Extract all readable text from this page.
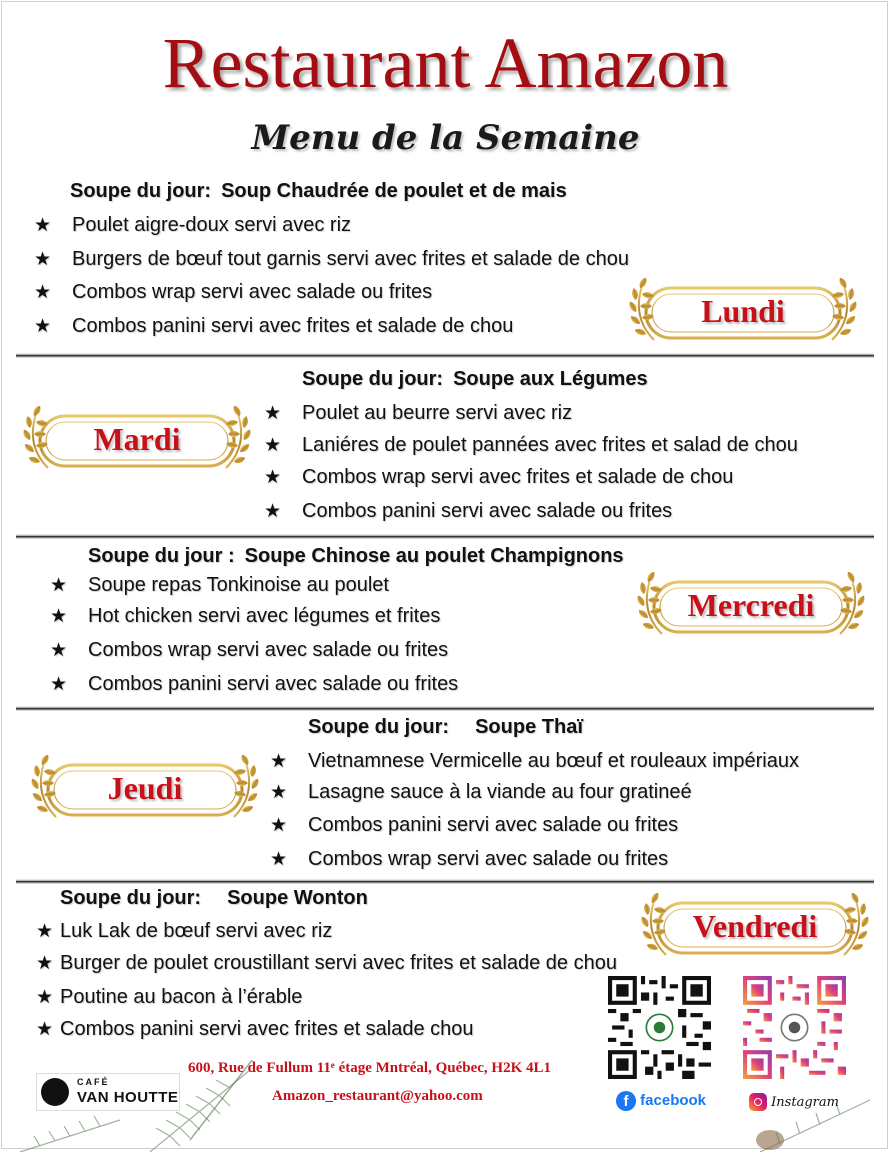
Restaurant Amazon
Menu de la Semaine
Soupe du jour: Soup Chaudrée de poulet et de mais
★ Poulet aigre-doux servi avec riz
★ Burgers de bœuf tout garnis servi avec frites et salade de chou
★ Combos wrap servi avec salade ou frites
★ Combos panini servi avec frites et salade de chou	Lundi
Soupe du jour: Soupe aux Légumes
★ Poulet au beurre servi avec riz
★ Laniéres de poulet pannées avec frites et salad de chou
★ Combos wrap servi avec frites et salade de chou
★ Combos panini servi avec salade ou frites
Mardi
Soupe du jour : Soupe Chinose au poulet Champignons
★ Soupe repas Tonkinoise au poulet
★ Hot chicken servi avec légumes et frites
★ Combos wrap servi avec salade ou frites
★ Combos panini servi avec salade ou frites
Mercredi
Soupe du jour: Soupe Thaï
★ Vietnamnese Vermicelle au bœuf et rouleaux impériaux
★ Lasagne sauce à la viande au four gratineé
★ Combos panini servi avec salade ou frites
★ Combos wrap servi avec salade ou frites
Jeudi
Soupe du jour: Soupe Wonton
★ Luk Lak de bœuf servi avec riz
★ Burger de poulet croustillant servi avec frites et salade de chou
★ Poutine au bacon à l’érable
★ Combos panini servi avec frites et salade chou
Vendredi
600, Rue de Fullum 11ᵉ étage Mntréal, Québec, H2K 4L1
Amazon_restaurant@yahoo.com
CAFÉ
VAN HOUTTE	f facebook	Instagram
